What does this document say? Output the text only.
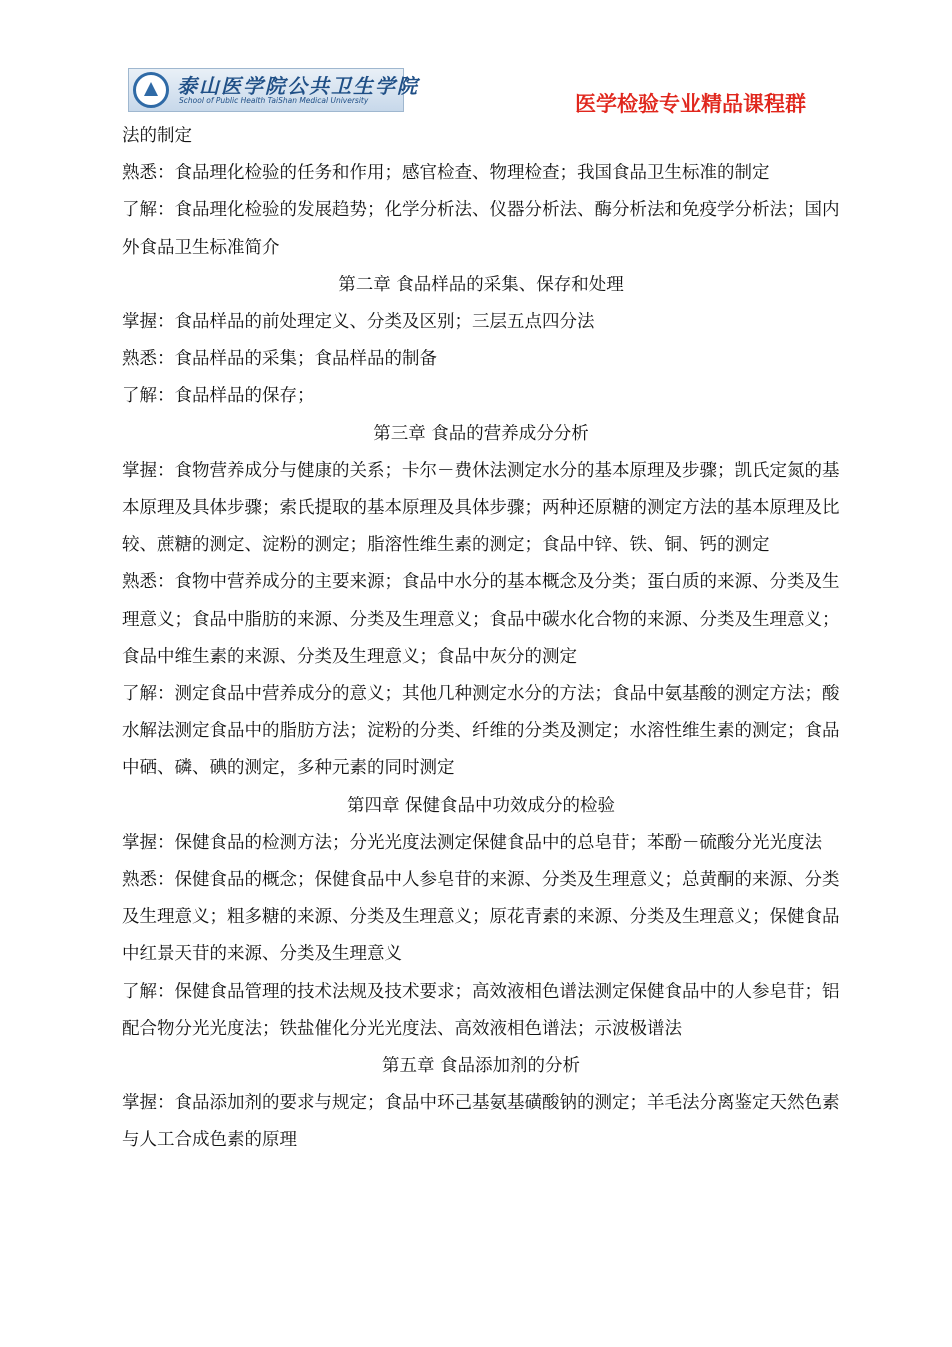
泰山医学院公共卫生学院
School of Public Health TaiShan Medical University	医学检验专业精品课程群

法的制定

熟悉：食品理化检验的任务和作用；感官检查、物理检查；我国食品卫生标准的制定

了解：食品理化检验的发展趋势；化学分析法、仪器分析法、酶分析法和免疫学分析法；国内外食品卫生标准简介

第二章 食品样品的采集、保存和处理

掌握：食品样品的前处理定义、分类及区别；三层五点四分法

熟悉：食品样品的采集；食品样品的制备

了解：食品样品的保存；

第三章 食品的营养成分分析

掌握：食物营养成分与健康的关系；卡尔－费休法测定水分的基本原理及步骤；凯氏定氮的基本原理及具体步骤；索氏提取的基本原理及具体步骤；两种还原糖的测定方法的基本原理及比较、蔗糖的测定、淀粉的测定；脂溶性维生素的测定；食品中锌、铁、铜、钙的测定

熟悉：食物中营养成分的主要来源；食品中水分的基本概念及分类；蛋白质的来源、分类及生理意义；食品中脂肪的来源、分类及生理意义；食品中碳水化合物的来源、分类及生理意义；食品中维生素的来源、分类及生理意义；食品中灰分的测定

了解：测定食品中营养成分的意义；其他几种测定水分的方法；食品中氨基酸的测定方法；酸水解法测定食品中的脂肪方法；淀粉的分类、纤维的分类及测定；水溶性维生素的测定；食品中硒、磷、碘的测定，多种元素的同时测定

第四章 保健食品中功效成分的检验

掌握：保健食品的检测方法；分光光度法测定保健食品中的总皂苷；苯酚－硫酸分光光度法

熟悉：保健食品的概念；保健食品中人参皂苷的来源、分类及生理意义；总黄酮的来源、分类及生理意义；粗多糖的来源、分类及生理意义；原花青素的来源、分类及生理意义；保健食品中红景天苷的来源、分类及生理意义

了解：保健食品管理的技术法规及技术要求；高效液相色谱法测定保健食品中的人参皂苷；铝配合物分光光度法；铁盐催化分光光度法、高效液相色谱法；示波极谱法

第五章 食品添加剂的分析

掌握：食品添加剂的要求与规定；食品中环己基氨基磺酸钠的测定；羊毛法分离鉴定天然色素与人工合成色素的原理
